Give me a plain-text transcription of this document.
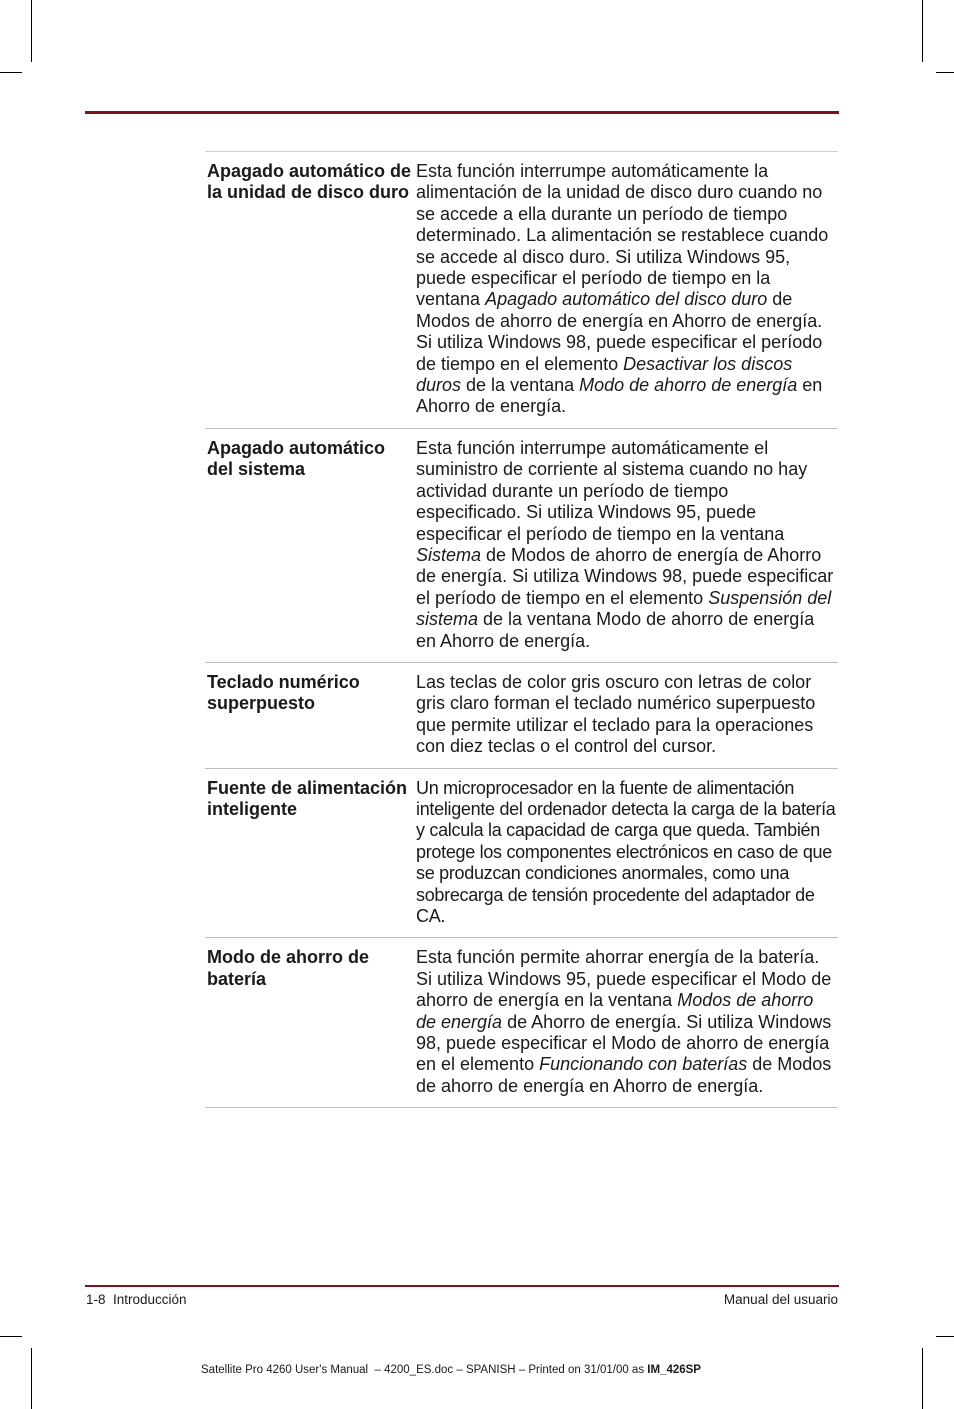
Apagado automático de la unidad de disco duro
Esta función interrumpe automáticamente la alimentación de la unidad de disco duro cuando no se accede a ella durante un período de tiempo determinado. La alimentación se restablece cuando se accede al disco duro. Si utiliza Windows 95, puede especificar el período de tiempo en la ventana Apagado automático del disco duro de Modos de ahorro de energía en Ahorro de energía. Si utiliza Windows 98, puede especificar el período de tiempo en el elemento Desactivar los discos duros de la ventana Modo de ahorro de energía en Ahorro de energía.
Apagado automático del sistema
Esta función interrumpe automáticamente el suministro de corriente al sistema cuando no hay actividad durante un período de tiempo especificado. Si utiliza Windows 95, puede especificar el período de tiempo en la ventana Sistema de Modos de ahorro de energía de Ahorro de energía. Si utiliza Windows 98, puede especificar el período de tiempo en el elemento Suspensión del sistema de la ventana Modo de ahorro de energía en Ahorro de energía.
Teclado numérico superpuesto
Las teclas de color gris oscuro con letras de color gris claro forman el teclado numérico superpuesto que permite utilizar el teclado para la operaciones con diez teclas o el control del cursor.
Fuente de alimentación inteligente
Un microprocesador en la fuente de alimentación inteligente del ordenador detecta la carga de la batería y calcula la capacidad de carga que queda. También protege los componentes electrónicos en caso de que se produzcan condiciones anormales, como una sobrecarga de tensión procedente del adaptador de CA.
Modo de ahorro de batería
Esta función permite ahorrar energía de la batería. Si utiliza Windows 95, puede especificar el Modo de ahorro de energía en la ventana Modos de ahorro de energía de Ahorro de energía. Si utiliza Windows 98, puede especificar el Modo de ahorro de energía en el elemento Funcionando con baterías de Modos de ahorro de energía en Ahorro de energía.
1-8  Introducción	Manual del usuario
Satellite Pro 4260 User's Manual  – 4200_ES.doc – SPANISH – Printed on 31/01/00 as IM_426SP
